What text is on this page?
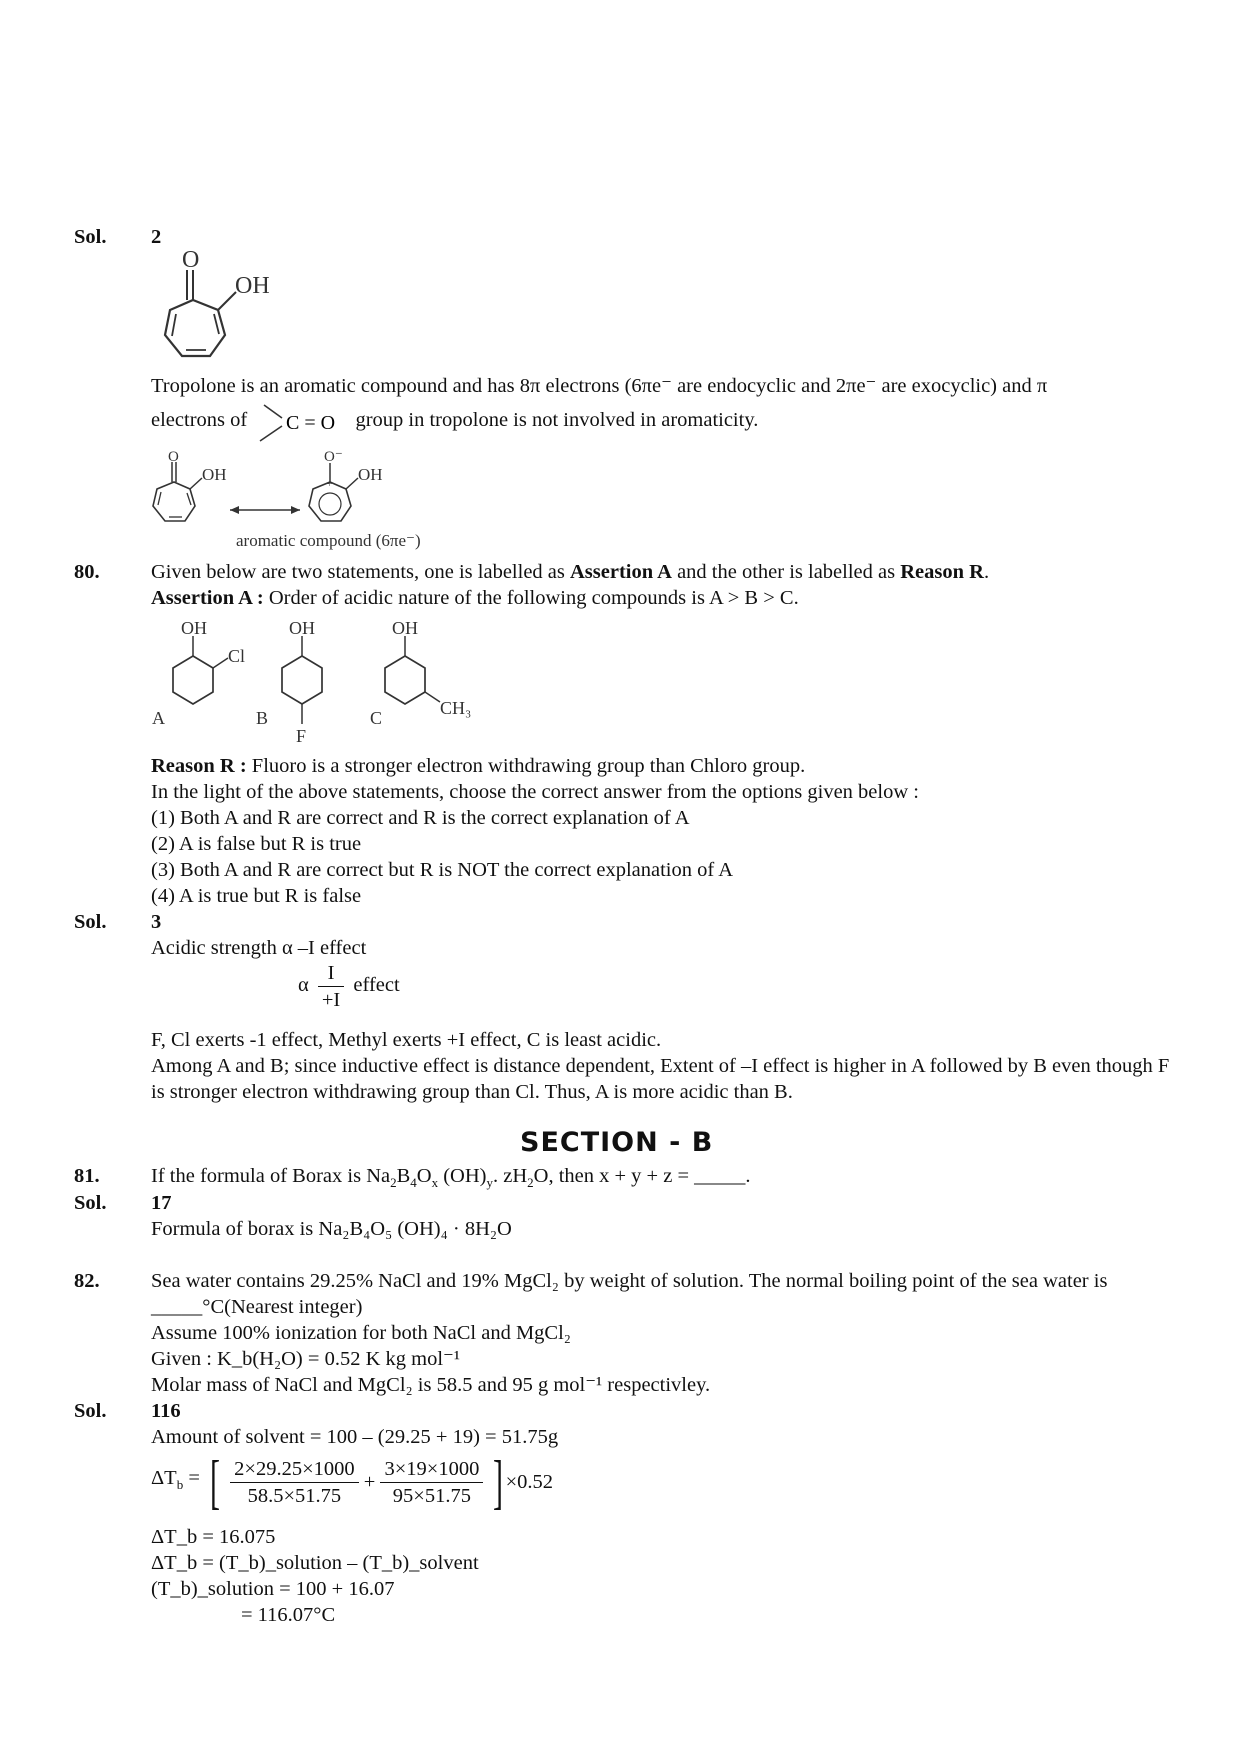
Sol. 2
O
OH
Tropolone is an aromatic compound and has 8π electrons (6πe⁻ are endocyclic and 2πe⁻ are exocyclic) and π
electrons of C = O group in tropolone is not involved in aromaticity.
O
OH
O⁻
OH
+
aromatic compound (6πe⁻)
80.	Given below are two statements, one is labelled as Assertion A and the other is labelled as Reason R.
Assertion A : Order of acidic nature of the following compounds is A > B > C.
OH
Cl
A
OH
F
B
OH
CH₃
C
Reason R : Fluoro is a stronger electron withdrawing group than Chloro group.
In the light of the above statements, choose the correct answer from the options given below :
(1) Both A and R are correct and R is the correct explanation of A
(2) A is false but R is true
(3) Both A and R are correct but R is NOT the correct explanation of A
(4) A is true but R is false
Sol. 3
Acidic strength α –I effect
α $\frac{I}{+I}$ effect
F, Cl exerts -1 effect, Methyl exerts +I effect, C is least acidic.
Among A and B; since inductive effect is distance dependent, Extent of –I effect is higher in A followed by B even though F is stronger electron withdrawing group than Cl. Thus, A is more acidic than B.
SECTION - B
81.	If the formula of Borax is $Na_2B_4O_x$ $(OH)_y$. $zH_2O$, then x + y + z = _____.
Sol. 17
Formula of borax is Na₂B₄O₅ (OH)₄ · 8H₂O
82.	Sea water contains 29.25% NaCl and 19% MgCl₂ by weight of solution. The normal boiling point of the sea water is _____°C(Nearest integer)
Assume 100% ionization for both NaCl and MgCl₂
Given : K_b(H₂O) = 0.52 K kg mol⁻¹
Molar mass of NaCl and MgCl₂ is 58.5 and 95 g mol⁻¹ respectivley.
Sol. 116
Amount of solvent = 100 – (29.25 + 19) = 51.75g
$\Delta T_b$ = [ $\frac{2\times 29.25\times 1000}{58.5\times 51.75} + \frac{3\times 19\times 1000}{95\times 51.75}$ ] ×0.52
ΔT_b = 16.075
ΔT_b = (T_b)_solution – (T_b)_solvent
(T_b)_solution = 100 + 16.07
= 116.07°C
